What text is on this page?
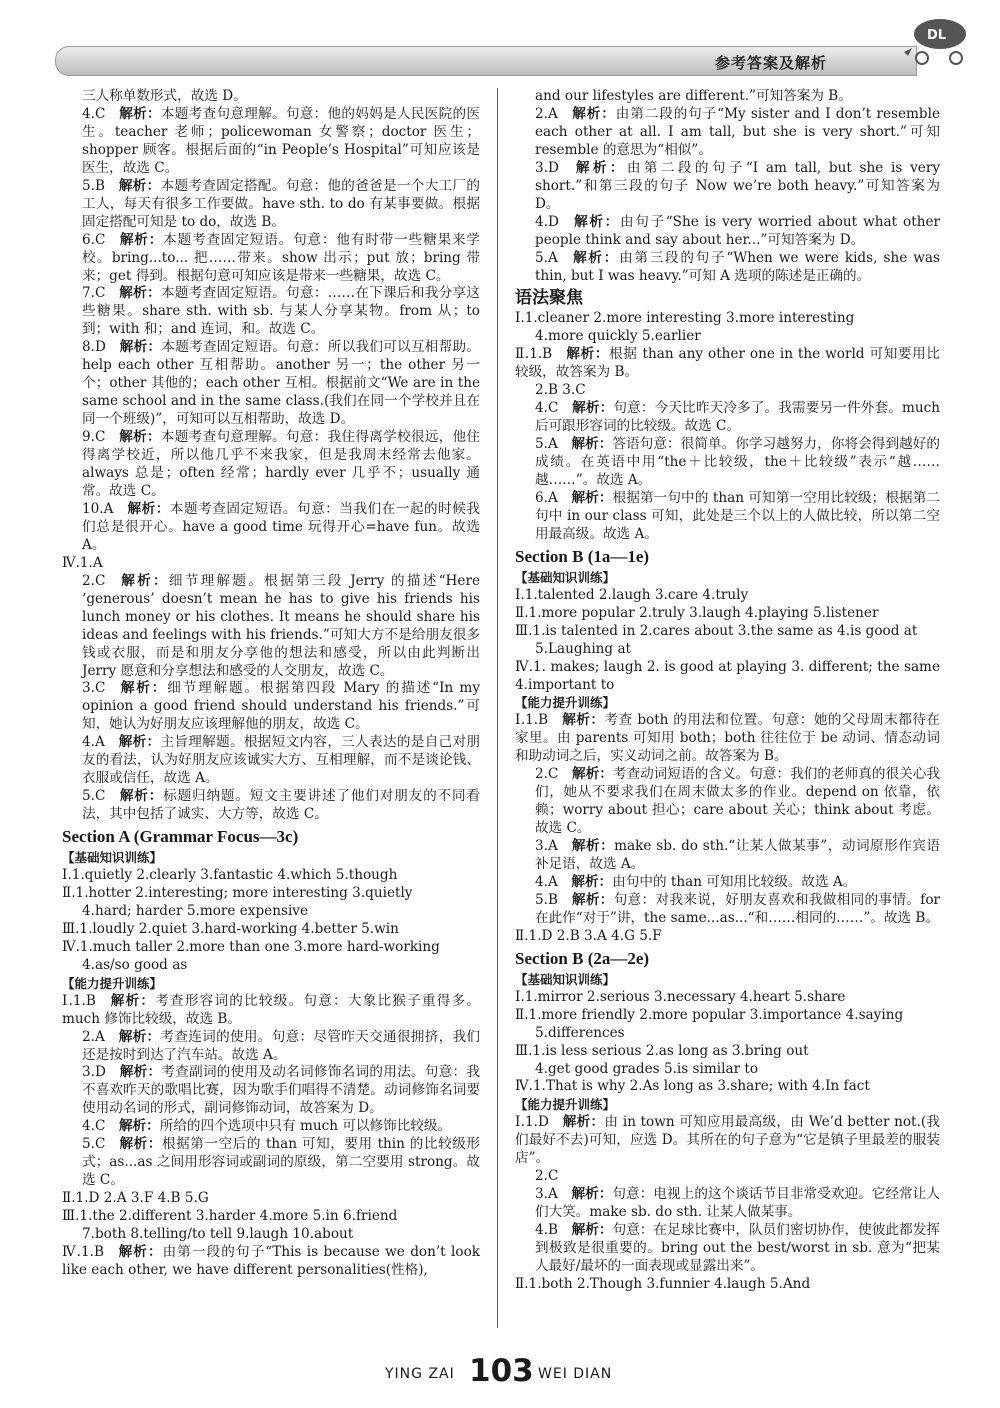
参考答案及解析
DL

三人称单数形式，故选 D。

4.C  解析：本题考查句意理解。句意：他的妈妈是人民医院的医生。teacher 老师；policewoman 女警察；doctor 医生；shopper 顾客。根据后面的“in People’s Hospital”可知应该是医生，故选 C。

5.B  解析：本题考查固定搭配。句意：他的爸爸是一个大工厂的工人，每天有很多工作要做。have sth. to do 有某事要做。根据固定搭配可知是 to do，故选 B。

6.C  解析：本题考查固定短语。句意：他有时带一些糖果来学校。bring...to... 把……带来。show 出示；put 放；bring 带来；get 得到。根据句意可知应该是带来一些糖果，故选 C。

7.C  解析：本题考查固定短语。句意：……在下课后和我分享这些糖果。share sth. with sb. 与某人分享某物。from 从；to 到；with 和；and 连词，和。故选 C。

8.D  解析：本题考查固定短语。句意：所以我们可以互相帮助。help each other 互相帮助。another 另一；the other 另一个；other 其他的；each other 互相。根据前文“We are in the same school and in the same class.(我们在同一个学校并且在同一个班级)”，可知可以互相帮助，故选 D。

9.C  解析：本题考查句意理解。句意：我住得离学校很远，他住得离学校近，所以他几乎不来我家，但是我周末经常去他家。always 总是；often 经常；hardly ever 几乎不；usually 通常。故选 C。

10.A  解析：本题考查固定短语。句意：当我们在一起的时候我们总是很开心。have a good time 玩得开心=have fun。故选 A。

Ⅳ.1.A

2.C  解析：细节理解题。根据第三段 Jerry 的描述“Here ‘generous’ doesn’t mean he has to give his friends his lunch money or his clothes. It means he should share his ideas and feelings with his friends.”可知大方不是给朋友很多钱或衣服，而是和朋友分享他的想法和感受，所以由此判断出 Jerry 愿意和分享想法和感受的人交朋友，故选 C。

3.C  解析：细节理解题。根据第四段 Mary 的描述“In my opinion a good friend should understand his friends.”可知，她认为好朋友应该理解他的朋友，故选 C。

4.A  解析：主旨理解题。根据短文内容，三人表达的是自己对朋友的看法，认为好朋友应该诚实大方、互相理解，而不是谈论钱、衣服或信任，故选 A。

5.C  解析：标题归纳题。短文主要讲述了他们对朋友的不同看法，其中包括了诚实、大方等，故选 C。

Section A (Grammar Focus—3c)

【基础知识训练】

Ⅰ.1.quietly 2.clearly 3.fantastic 4.which 5.though

Ⅱ.1.hotter 2.interesting; more interesting 3.quietly

4.hard; harder 5.more expensive

Ⅲ.1.loudly 2.quiet 3.hard-working 4.better 5.win

Ⅳ.1.much taller 2.more than one 3.more hard-working

4.as/so good as

【能力提升训练】

Ⅰ.1.B  解析：考查形容词的比较级。句意：大象比猴子重得多。much 修饰比较级，故选 B。

2.A  解析：考查连词的使用。句意：尽管昨天交通很拥挤，我们还是按时到达了汽车站。故选 A。

3.D  解析：考查副词的使用及动名词修饰名词的用法。句意：我不喜欢昨天的歌唱比赛，因为歌手们唱得不清楚。动词修饰名词要使用动名词的形式，副词修饰动词，故答案为 D。

4.C  解析：所给的四个选项中只有 much 可以修饰比较级。

5.C  解析：根据第一空后的 than 可知，要用 thin 的比较级形式；as...as 之间用形容词或副词的原级，第二空要用 strong。故选 C。

Ⅱ.1.D 2.A 3.F 4.B 5.G

Ⅲ.1.the 2.different 3.harder 4.more 5.in 6.friend

7.both 8.telling/to tell 9.laugh 10.about

Ⅳ.1.B  解析：由第一段的句子“This is because we don’t look like each other, we have different personalities(性格),

and our lifestyles are different.”可知答案为 B。

2.A  解析：由第二段的句子“My sister and I don’t resemble each other at all. I am tall, but she is very short.”可知 resemble 的意思为“相似”。

3.D  解析：由第二段的句子“I am tall, but she is very short.”和第三段的句子 Now we’re both heavy.”可知答案为 D。

4.D  解析：由句子“She is very worried about what other people think and say about her...”可知答案为 D。

5.A  解析：由第三段的句子“When we were kids, she was thin, but I was heavy.”可知 A 选项的陈述是正确的。

语法聚焦

Ⅰ.1.cleaner 2.more interesting 3.more interesting

4.more quickly 5.earlier

Ⅱ.1.B  解析：根据 than any other one in the world 可知要用比较级，故答案为 B。

2.B 3.C

4.C  解析：句意：今天比昨天冷多了。我需要另一件外套。much 后可跟形容词的比较级。故选 C。

5.A  解析：答语句意：很简单。你学习越努力，你将会得到越好的成绩。在英语中用“the＋比较级，the＋比较级”表示“越……越……”。故选 A。

6.A  解析：根据第一句中的 than 可知第一空用比较级；根据第二句中 in our class 可知，此处是三个以上的人做比较，所以第二空用最高级。故选 A。

Section B (1a—1e)

【基础知识训练】

Ⅰ.1.talented 2.laugh 3.care 4.truly

Ⅱ.1.more popular 2.truly 3.laugh 4.playing 5.listener

Ⅲ.1.is talented in 2.cares about 3.the same as 4.is good at

5.Laughing at

Ⅳ.1. makes; laugh 2. is good at playing 3. different; the same 4.important to

【能力提升训练】

Ⅰ.1.B  解析：考查 both 的用法和位置。句意：她的父母周末都待在家里。由 parents 可知用 both；both 往往位于 be 动词、情态动词和助动词之后，实义动词之前。故答案为 B。

2.C  解析：考查动词短语的含义。句意：我们的老师真的很关心我们，她从不要求我们在周末做太多的作业。depend on 依靠，依赖；worry about 担心；care about 关心；think about 考虑。故选 C。

3.A  解析：make sb. do sth.“让某人做某事”，动词原形作宾语补足语，故选 A。

4.A  解析：由句中的 than 可知用比较级。故选 A。

5.B  解析：句意：对我来说，好朋友喜欢和我做相同的事情。for 在此作“对于”讲，the same...as...“和……相同的……”。故选 B。

Ⅱ.1.D 2.B 3.A 4.G 5.F

Section B (2a—2e)

【基础知识训练】

Ⅰ.1.mirror 2.serious 3.necessary 4.heart 5.share

Ⅱ.1.more friendly 2.more popular 3.importance 4.saying

5.differences

Ⅲ.1.is less serious 2.as long as 3.bring out

4.get good grades 5.is similar to

Ⅳ.1.That is why 2.As long as 3.share; with 4.In fact

【能力提升训练】

Ⅰ.1.D  解析：由 in town 可知应用最高级，由 We’d better not.(我们最好不去)可知，应选 D。其所在的句子意为“它是镇子里最差的服装店”。

2.C

3.A  解析：句意：电视上的这个谈话节目非常受欢迎。它经常让人们大笑。make sb. do sth. 让某人做某事。

4.B  解析：句意：在足球比赛中，队员们密切协作，使彼此都发挥到极致是很重要的。bring out the best/worst in sb. 意为“把某人最好/最坏的一面表现或显露出来”。

Ⅱ.1.both 2.Though 3.funnier 4.laugh 5.And

YING ZAI 103 WEI DIAN
